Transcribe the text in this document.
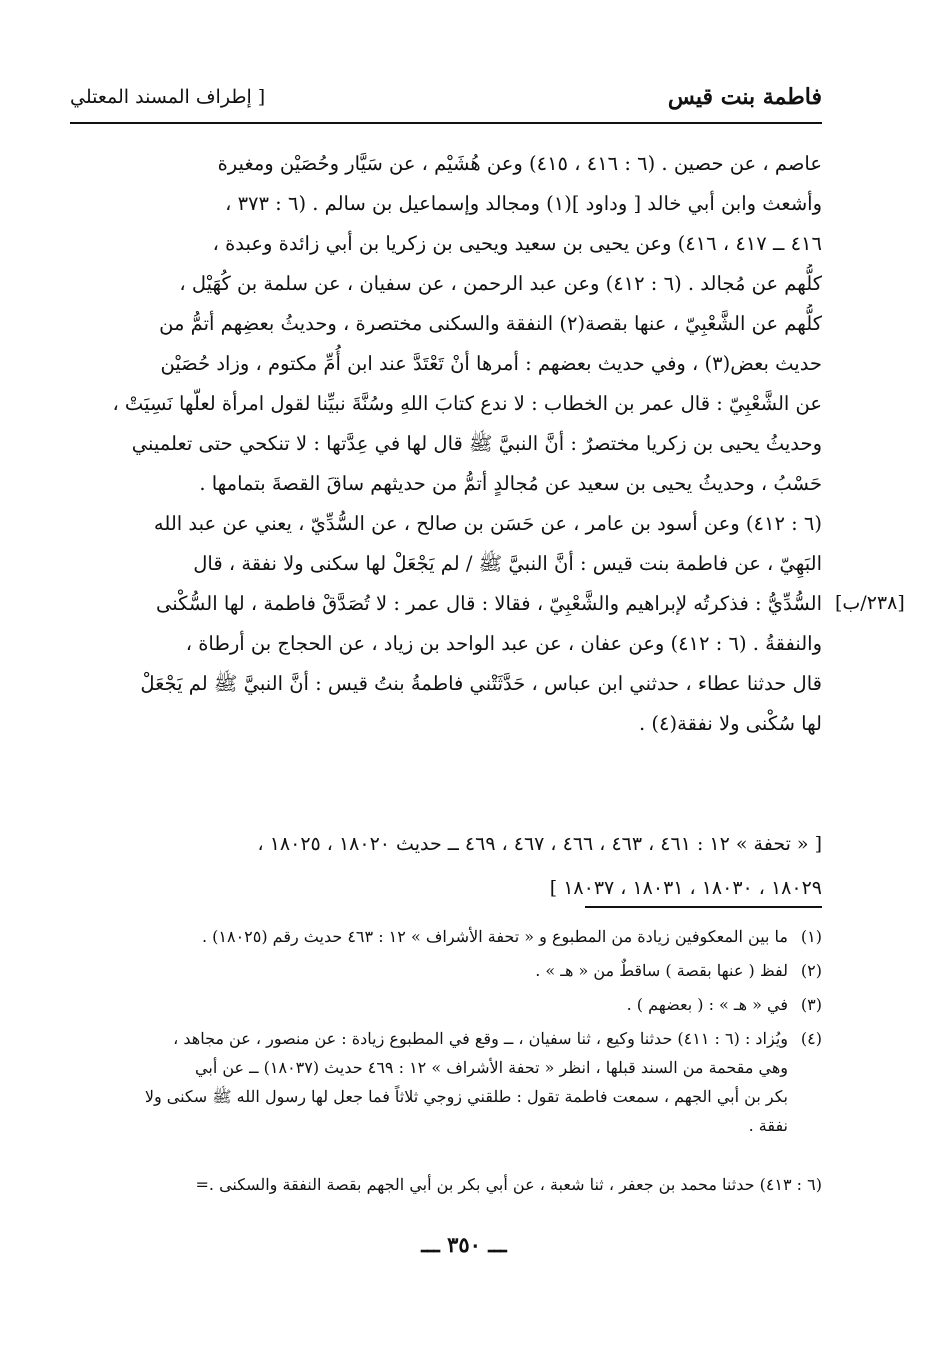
فاطمة بنت قيس
[ إطراف المسند المعتلي
عاصم ، عن حصين . (٦ : ٤١٦ ، ٤١٥) وعن هُشَيْم ، عن سَيَّار وحُصَيْن ومغيرة
وأشعث وابن أبي خالد [ وداود ](١) ومجالد وإسماعيل بن سالم . (٦ : ٣٧٣ ،
٤١٦ ــ ٤١٧ ، ٤١٦) وعن يحيى بن سعيد ويحيى بن زكريا بن أبي زائدة وعبدة ،
كلُّهم عن مُجالد . (٦ : ٤١٢) وعن عبد الرحمن ، عن سفيان ، عن سلمة بن كُهَيْل ،
كلُّهم عن الشَّعْبِيّ ، عنها بقصة(٢) النفقة والسكنى مختصرة ، وحديثُ بعضِهم أتمُّ من
حديث بعض(٣) ، وفي حديث بعضهم : أمرها أنْ تَعْتَدَّ عند ابن أُمِّ مكتوم ، وزاد حُصَيْن
عن الشَّعْبِيّ : قال عمر بن الخطاب : لا ندع كتابَ اللهِ وسُنَّةَ نبيِّنا لقول امرأة لعلّها نَسِيَتْ ،
وحديثُ يحيى بن زكريا مختصرٌ : أنَّ النبيَّ ﷺ قال لها في عِدَّتها : لا تنكحي حتى تعلميني
حَسْبُ ، وحديثُ يحيى بن سعيد عن مُجالدٍ أتمُّ من حديثهم ساقَ القصةَ بتمامها .
(٦ : ٤١٢) وعن أسود بن عامر ، عن حَسَن بن صالح ، عن السُّدِّيّ ، يعني عن عبد الله
البَهِيّ ، عن فاطمة بنت قيس : أنَّ النبيَّ ﷺ / لم يَجْعَلْ لها سكنى ولا نفقة ، قال
السُّدِّيُّ : فذكرتُه لإبراهيم والشَّعْبِيّ ، فقالا : قال عمر : لا تُصَدَّقْ فاطمة ، لها السُّكْنى
والنفقةُ . (٦ : ٤١٢) وعن عفان ، عن عبد الواحد بن زياد ، عن الحجاج بن أرطاة ،
قال حدثنا عطاء ، حدثني ابن عباس ، حَدَّثَتْني فاطمةُ بنتُ قيس : أنَّ النبيَّ ﷺ لم يَجْعَلْ
لها سُكْنى ولا نفقة(٤) .
[٢٣٨/ب]
[ « تحفة » ١٢ : ٤٦١ ، ٤٦٣ ، ٤٦٦ ، ٤٦٧ ، ٤٦٩ ــ حديث ١٨٠٢٠ ، ١٨٠٢٥ ،
١٨٠٢٩ ، ١٨٠٣٠ ، ١٨٠٣١ ، ١٨٠٣٧ ]
(١)
ما بين المعكوفين زيادة من المطبوع و « تحفة الأشراف » ١٢ : ٤٦٣ حديث رقم (١٨٠٢٥) .
(٢)
لفظ ( عنها بقصة ) ساقطٌ من « هـ » .
(٣)
في « هـ » : ( بعضهم ) .
(٤)
ويُزاد : (٦ : ٤١١) حدثنا وكيع ، ثنا سفيان ، ــ وقع في المطبوع زيادة : عن منصور ، عن مجاهد ،
وهي مقحمة من السند قبلها ، انظر « تحفة الأشراف » ١٢ : ٤٦٩ حديث (١٨٠٣٧) ــ عن أبي
بكر بن أبي الجهم ، سمعت فاطمة تقول : طلقني زوجي ثلاثاً فما جعل لها رسول الله ﷺ سكنى ولا
نفقة .
(٦ : ٤١٣) حدثنا محمد بن جعفر ، ثنا شعبة ، عن أبي بكر بن أبي الجهم بقصة النفقة والسكنى .=
ـــ ٣٥٠ ـــ
